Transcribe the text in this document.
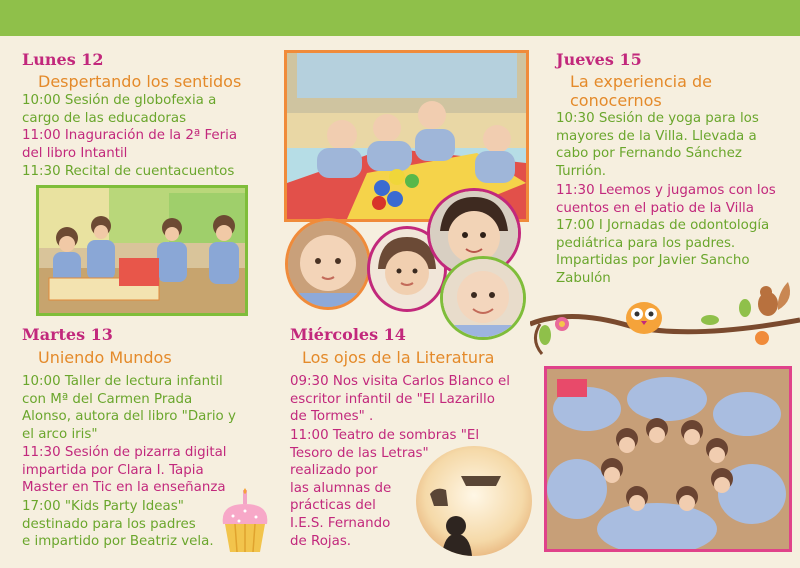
Lunes 12
Despertando los sentidos
10:00 Sesión de globofexia a
cargo de las educadoras
11:00 Inaguración de la 2ª Feria
del libro Intantil
11:30 Recital de cuentacuentos
Martes 13
Uniendo Mundos
10:00 Taller de lectura infantil
con Mª del Carmen Prada
Alonso, autora del libro "Dario y
el arco iris"
11:30 Sesión de pizarra digital
impartida por Clara I. Tapia
Master en Tic en la enseñanza
17:00 "Kids Party Ideas"
destinado para los padres
e impartido por Beatriz vela.
Miércoles 14
Los ojos de la Literatura
09:30 Nos visita Carlos Blanco el
escritor infantil de "El Lazarillo
de Tormes" .
11:00 Teatro de sombras "El
Tesoro de las Letras"
realizado por
las alumnas de
prácticas del
I.E.S. Fernando
de Rojas.
Jueves 15
La experiencia de
conocernos
10:30 Sesión de yoga para los
mayores de la Villa. Llevada a
cabo por Fernando Sánchez
Turrión.
11:30 Leemos y jugamos con los
cuentos en el patio de la Villa
17:00 I Jornadas de odontología
pediátrica para los padres.
Impartidas por Javier Sancho
Zabulón
